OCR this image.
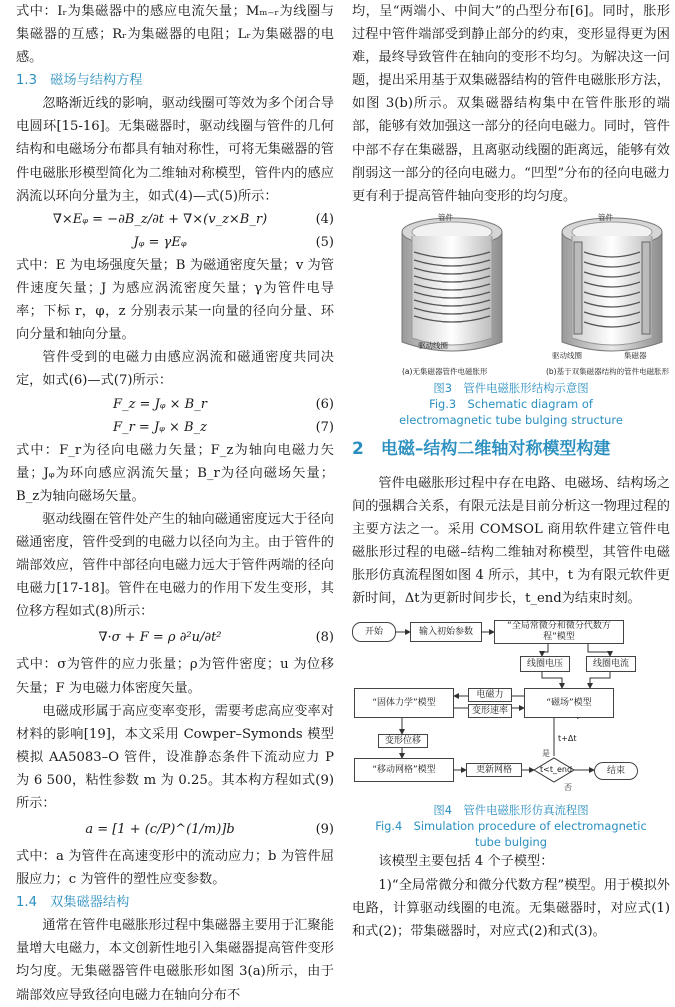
式中：Iᵣ为集磁器中的感应电流矢量；Mₘ₋ᵣ为线圈与集磁器的互感；Rᵣ为集磁器的电阻；Lᵣ为集磁器的电感。

1.3　磁场与结构方程

忽略渐近线的影响，驱动线圈可等效为多个闭合导电圆环[15-16]。无集磁器时，驱动线圈与管件的几何结构和电磁场分布都具有轴对称性，可将无集磁器的管件电磁胀形模型简化为二维轴对称模型，管件内的感应涡流以环向分量为主，如式(4)—式(5)所示：

∇×Eᵩ = −∂B_z/∂t + ∇×(v_z×B_r)	(4)
Jᵩ = γEᵩ	(5)

式中：E 为电场强度矢量；B 为磁通密度矢量；v 为管件速度矢量；J 为感应涡流密度矢量；γ为管件电导率；下标 r，φ，z 分别表示某一向量的径向分量、环向分量和轴向分量。

管件受到的电磁力由感应涡流和磁通密度共同决定，如式(6)—式(7)所示：

F_z = Jᵩ × B_r	(6)
F_r = Jᵩ × B_z	(7)

式中：F_r为径向电磁力矢量；F_z为轴向电磁力矢量；Jᵩ为环向感应涡流矢量；B_r为径向磁场矢量；B_z为轴向磁场矢量。

驱动线圈在管件处产生的轴向磁通密度远大于径向磁通密度，管件受到的电磁力以径向为主。由于管件的端部效应，管件中部径向电磁力远大于管件两端的径向电磁力[17-18]。管件在电磁力的作用下发生变形，其位移方程如式(8)所示：

∇·σ + F = ρ ∂²u/∂t²	(8)

式中：σ为管件的应力张量；ρ为管件密度；u 为位移矢量；F 为电磁力体密度矢量。

电磁成形属于高应变率变形，需要考虑高应变率对材料的影响[19]，本文采用 Cowper–Symonds 模型模拟 AA5083–O 管件，设准静态条件下流动应力 P 为 6 500，粘性参数 m 为 0.25。其本构方程如式(9)所示：

a = [1 + (c/P)^(1/m)]b	(9)

式中：a 为管件在高速变形中的流动应力；b 为管件屈服应力；c 为管件的塑性应变参数。

1.4　双集磁器结构

通常在管件电磁胀形过程中集磁器主要用于汇聚能量增大电磁力，本文创新性地引入集磁器提高管件变形均匀度。无集磁器管件电磁胀形如图 3(a)所示，由于端部效应导致径向电磁力在轴向分布不

均，呈“两端小、中间大”的凸型分布[6]。同时，胀形过程中管件端部受到静止部分的约束，变形显得更为困难，最终导致管件在轴向的变形不均匀。为解决这一问题，提出采用基于双集磁器结构的管件电磁胀形方法，如图 3(b)所示。双集磁器结构集中在管件胀形的端部，能够有效加强这一部分的径向电磁力。同时，管件中部不存在集磁器，且离驱动线圈的距离远，能够有效削弱这一部分的径向电磁力。“凹型”分布的径向电磁力更有利于提高管件轴向变形的均匀度。

管件
驱动线圈
管件
驱动线圈	集磁器
(a)无集磁器管件电磁胀形	(b)基于双集磁器结构的管件电磁胀形

图3　管件电磁胀形结构示意图

Fig.3　Schematic diagram of electromagnetic tube bulging structure

2　电磁–结构二维轴对称模型构建

管件电磁胀形过程中存在电路、电磁场、结构场之间的强耦合关系，有限元法是目前分析这一物理过程的主要方法之一。采用 COMSOL 商用软件建立管件电磁胀形过程的电磁–结构二维轴对称模型，其管件电磁胀形仿真流程图如图 4 所示，其中，t 为有限元软件更新时间，Δt为更新时间步长，t_end为结束时刻。

开始	输入初始参数
“全局常微分和微分代数方程”模型
线圈电压	线圈电流
“固体力学”模型	“磁场”模型
电磁力
变形速率
变形位移
“移动网格”模型	更新网格	t<t_end
t+Δt
是
否
结束

图4　管件电磁胀形仿真流程图

Fig.4　Simulation procedure of electromagnetic tube bulging

该模型主要包括 4 个子模型：

1)“全局常微分和微分代数方程”模型。用于模拟外电路，计算驱动线圈的电流。无集磁器时，对应式(1)和式(2)；带集磁器时，对应式(2)和式(3)。
